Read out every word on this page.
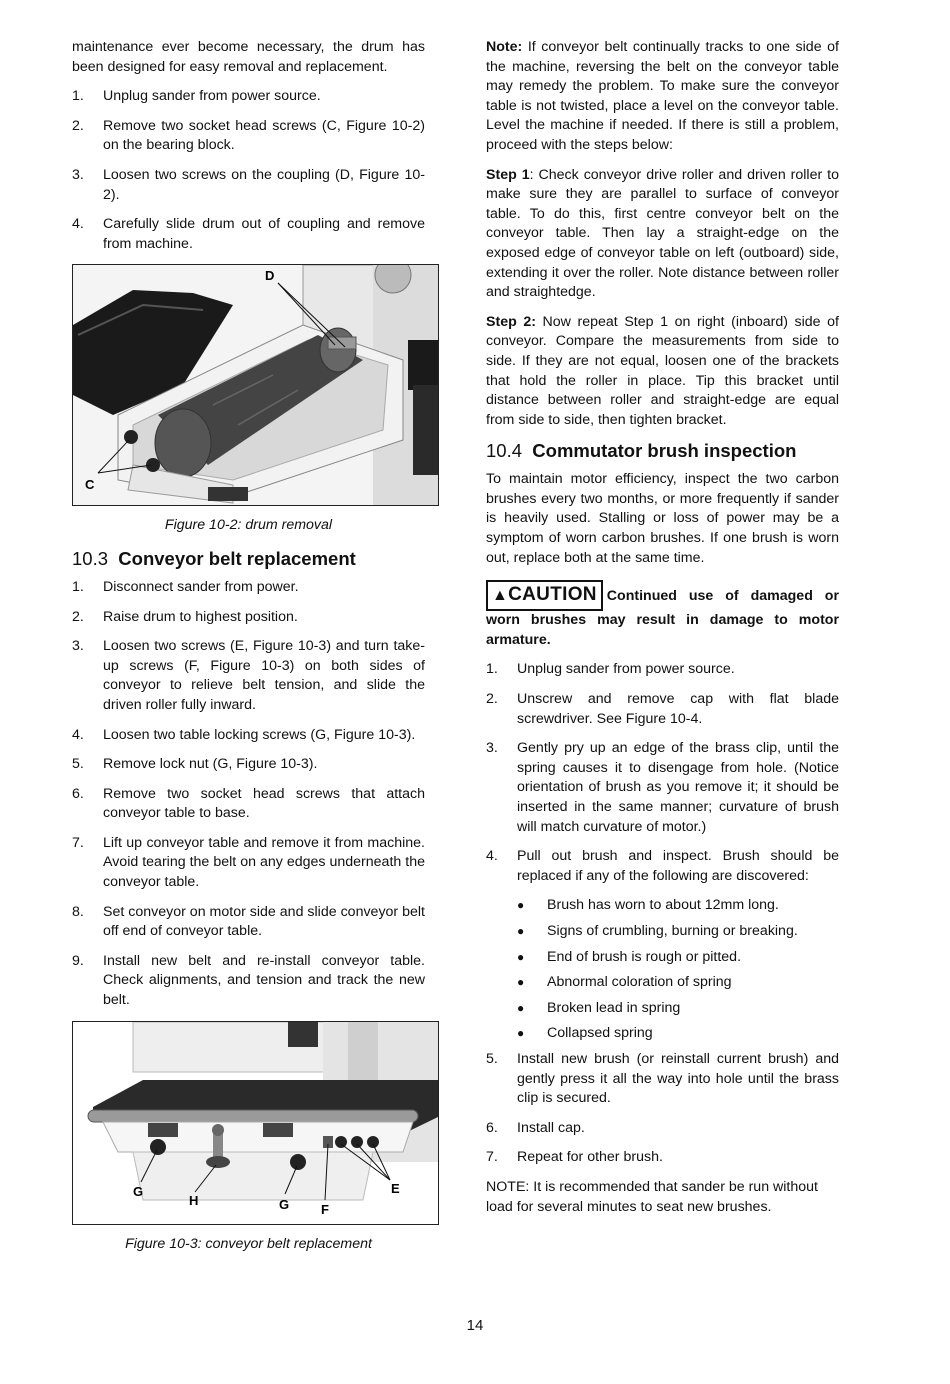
maintenance ever become necessary, the drum has been designed for easy removal and replacement.

1.	Unplug sander from power source.
2.	Remove two socket head screws (C, Figure 10-2) on the bearing block.
3.	Loosen two screws on the coupling (D, Figure 10-2).
4.	Carefully slide drum out of coupling and remove from machine.
D
C
Figure 10-2: drum removal
10.3 Conveyor belt replacement
1.	Disconnect sander from power.
2.	Raise drum to highest position.
3.	Loosen two screws (E, Figure 10-3) and turn take-up screws (F, Figure 10-3) on both sides of conveyor to relieve belt tension, and slide the driven roller fully inward.
4.	Loosen two table locking screws (G, Figure 10-3).
5.	Remove lock nut (G, Figure 10-3).
6.	Remove two socket head screws that attach conveyor table to base.
7.	Lift up conveyor table and remove it from machine. Avoid tearing the belt on any edges underneath the conveyor table.
8.	Set conveyor on motor side and slide conveyor belt off end of conveyor table.
9.	Install new belt and re-install conveyor table. Check alignments, and tension and track the new belt.
G
H	G F
E
Figure 10-3: conveyor belt replacement

Note: If conveyor belt continually tracks to one side of the machine, reversing the belt on the conveyor table may remedy the problem. To make sure the conveyor table is not twisted, place a level on the conveyor table. Level the machine if needed. If there is still a problem, proceed with the steps below:

Step 1: Check conveyor drive roller and driven roller to make sure they are parallel to surface of conveyor table. To do this, first centre conveyor belt on the conveyor table. Then lay a straight-edge on the exposed edge of conveyor table on left (outboard) side, extending it over the roller. Note distance between roller and straightedge.

Step 2: Now repeat Step 1 on right (inboard) side of conveyor. Compare the measurements from side to side. If they are not equal, loosen one of the brackets that hold the roller in place. Tip this bracket until distance between roller and straight-edge are equal from side to side, then tighten bracket.

10.4 Commutator brush inspection

To maintain motor efficiency, inspect the two carbon brushes every two months, or more frequently if sander is heavily used. Stalling or loss of power may be a symptom of worn carbon brushes. If one brush is worn out, replace both at the same time.

▲CAUTION Continued use of damaged or worn brushes may result in damage to motor armature.

1.	Unplug sander from power source.
2.	Unscrew and remove cap with flat blade screwdriver. See Figure 10-4.
3.	Gently pry up an edge of the brass clip, until the spring causes it to disengage from hole. (Notice orientation of brush as you remove it; it should be inserted in the same manner; curvature of brush will match curvature of motor.)
4.	Pull out brush and inspect. Brush should be replaced if any of the following are discovered:
●	Brush has worn to about 12mm long.
●	Signs of crumbling, burning or breaking.
●	End of brush is rough or pitted.
●	Abnormal coloration of spring
●	Broken lead in spring
●	Collapsed spring
5.	Install new brush (or reinstall current brush) and gently press it all the way into hole until the brass clip is secured.
6.	Install cap.
7.	Repeat for other brush.

NOTE: It is recommended that sander be run without load for several minutes to seat new brushes.

14
